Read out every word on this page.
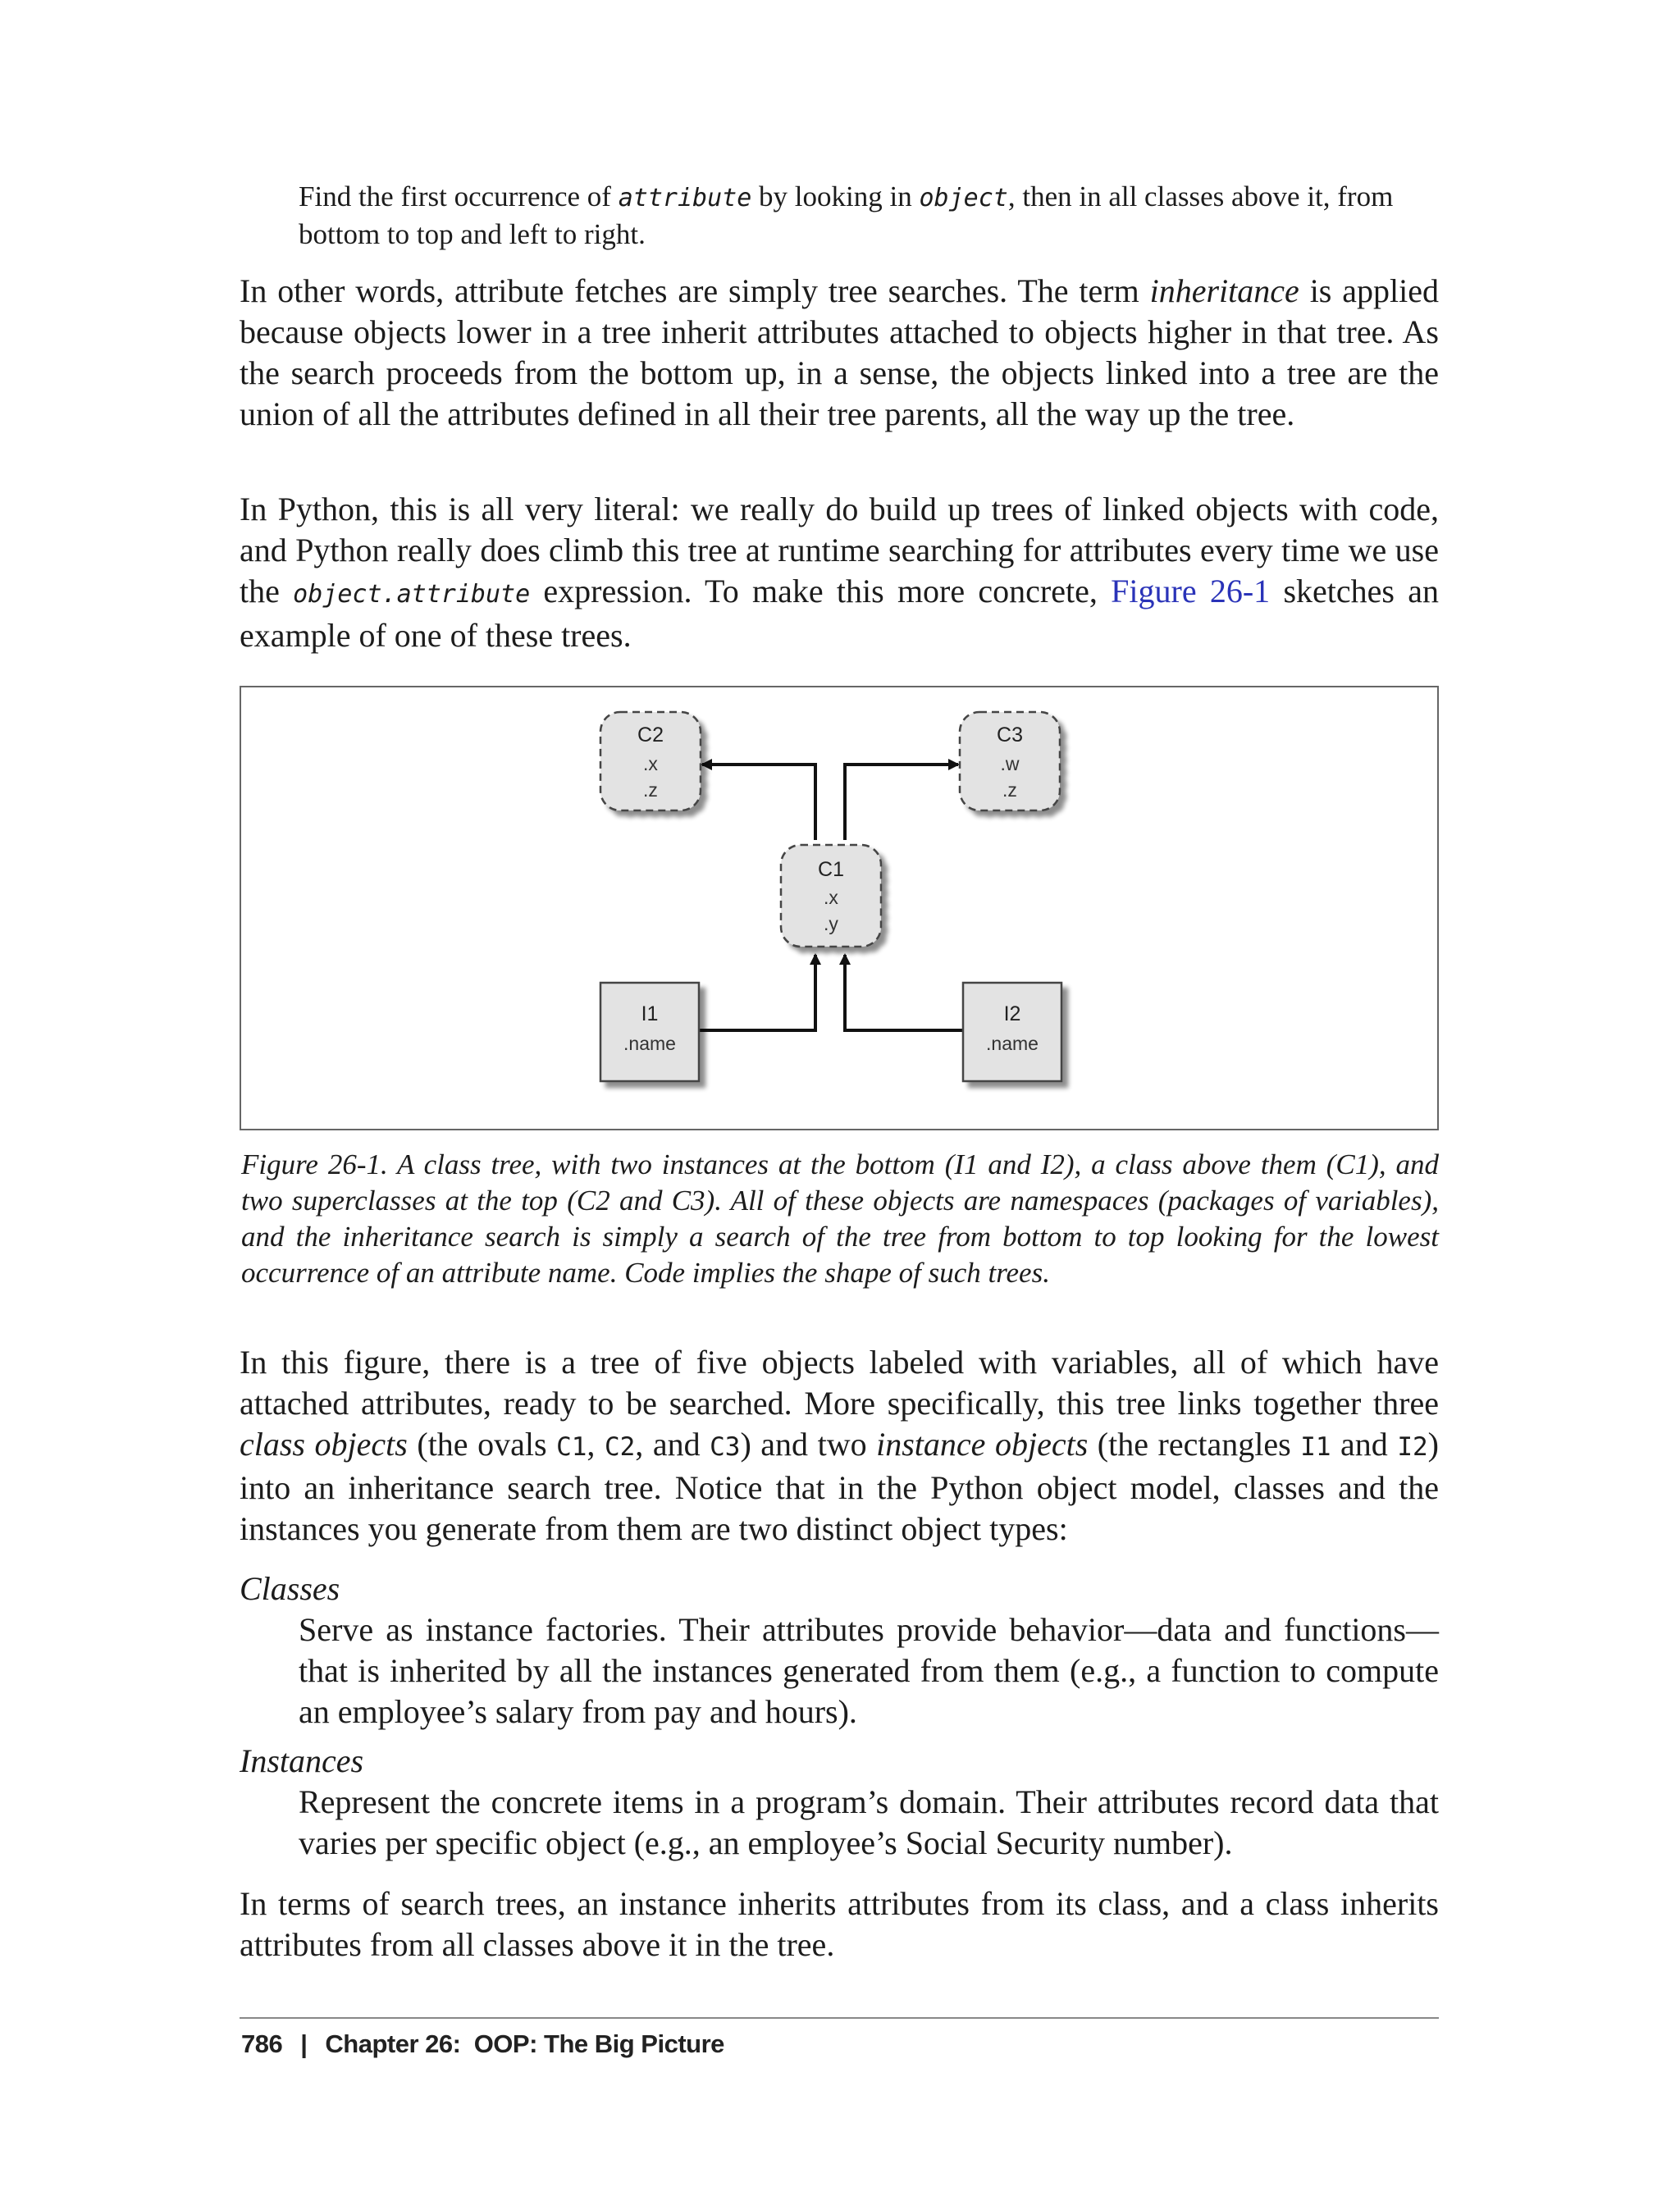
Find the first occurrence of attribute by looking in object, then in all classes above it, from bottom to top and left to right.

In other words, attribute fetches are simply tree searches. The term inheritance is applied because objects lower in a tree inherit attributes attached to objects higher in that tree. As the search proceeds from the bottom up, in a sense, the objects linked into a tree are the union of all the attributes defined in all their tree parents, all the way up the tree.

In Python, this is all very literal: we really do build up trees of linked objects with code, and Python really does climb this tree at runtime searching for attributes every time we use the object.attribute expression. To make this more concrete, Figure 26-1 sketches an example of one of these trees.

C2
.x
.z
C3
.w
.z
C1
.x
.y
I1
.name
I2
.name

Figure 26-1. A class tree, with two instances at the bottom (I1 and I2), a class above them (C1), and two superclasses at the top (C2 and C3). All of these objects are namespaces (packages of variables), and the inheritance search is simply a search of the tree from bottom to top looking for the lowest occurrence of an attribute name. Code implies the shape of such trees.

In this figure, there is a tree of five objects labeled with variables, all of which have attached attributes, ready to be searched. More specifically, this tree links together three class objects (the ovals C1, C2, and C3) and two instance objects (the rectangles I1 and I2) into an inheritance search tree. Notice that in the Python object model, classes and the instances you generate from them are two distinct object types:

Classes

Serve as instance factories. Their attributes provide behavior—data and functions—that is inherited by all the instances generated from them (e.g., a function to compute an employee’s salary from pay and hours).

Instances

Represent the concrete items in a program’s domain. Their attributes record data that varies per specific object (e.g., an employee’s Social Security number).

In terms of search trees, an instance inherits attributes from its class, and a class inherits attributes from all classes above it in the tree.

786 | Chapter 26:  OOP: The Big Picture
